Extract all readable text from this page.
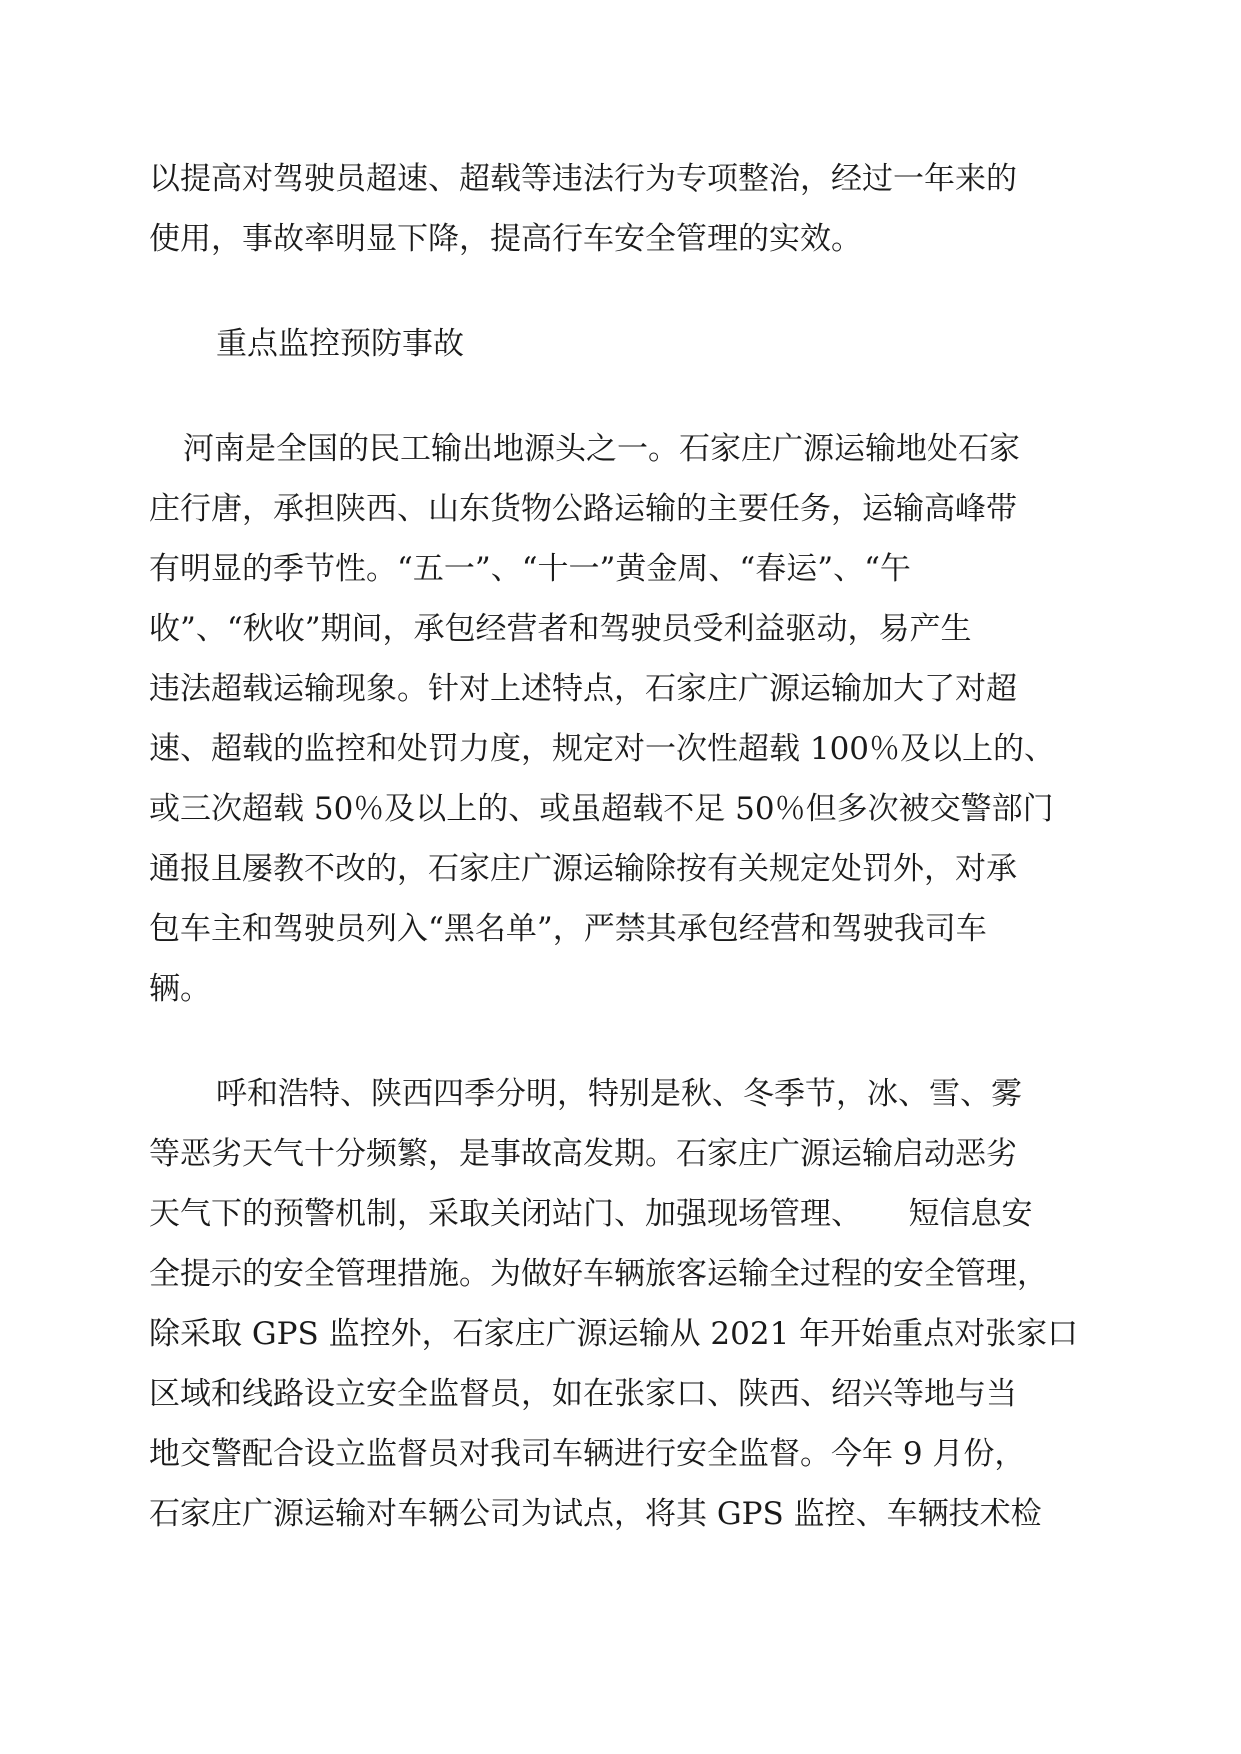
以提高对驾驶员超速、超载等违法行为专项整治，经过一年来的
使用，事故率明显下降，提高行车安全管理的实效。
重点监控预防事故
河南是全国的民工输出地源头之一。石家庄广源运输地处石家
庄行唐，承担陕西、山东货物公路运输的主要任务，运输高峰带
有明显的季节性。“五一”、“十一”黄金周、“春运”、“午
收”、“秋收”期间，承包经营者和驾驶员受利益驱动，易产生
违法超载运输现象。针对上述特点，石家庄广源运输加大了对超
速、超载的监控和处罚力度，规定对一次性超载 100％及以上的、
或三次超载 50％及以上的、或虽超载不足 50％但多次被交警部门
通报且屡教不改的，石家庄广源运输除按有关规定处罚外，对承
包车主和驾驶员列入“黑名单”，严禁其承包经营和驾驶我司车
辆。
呼和浩特、陕西四季分明，特别是秋、冬季节，冰、雪、雾
等恶劣天气十分频繁，是事故高发期。石家庄广源运输启动恶劣
天气下的预警机制，采取关闭站门、加强现场管理、　　短信息安
全提示的安全管理措施。为做好车辆旅客运输全过程的安全管理，
除采取 GPS 监控外，石家庄广源运输从 2021 年开始重点对张家口
区域和线路设立安全监督员，如在张家口、陕西、绍兴等地与当
地交警配合设立监督员对我司车辆进行安全监督。今年 9 月份，
石家庄广源运输对车辆公司为试点，将其 GPS 监控、车辆技术检
